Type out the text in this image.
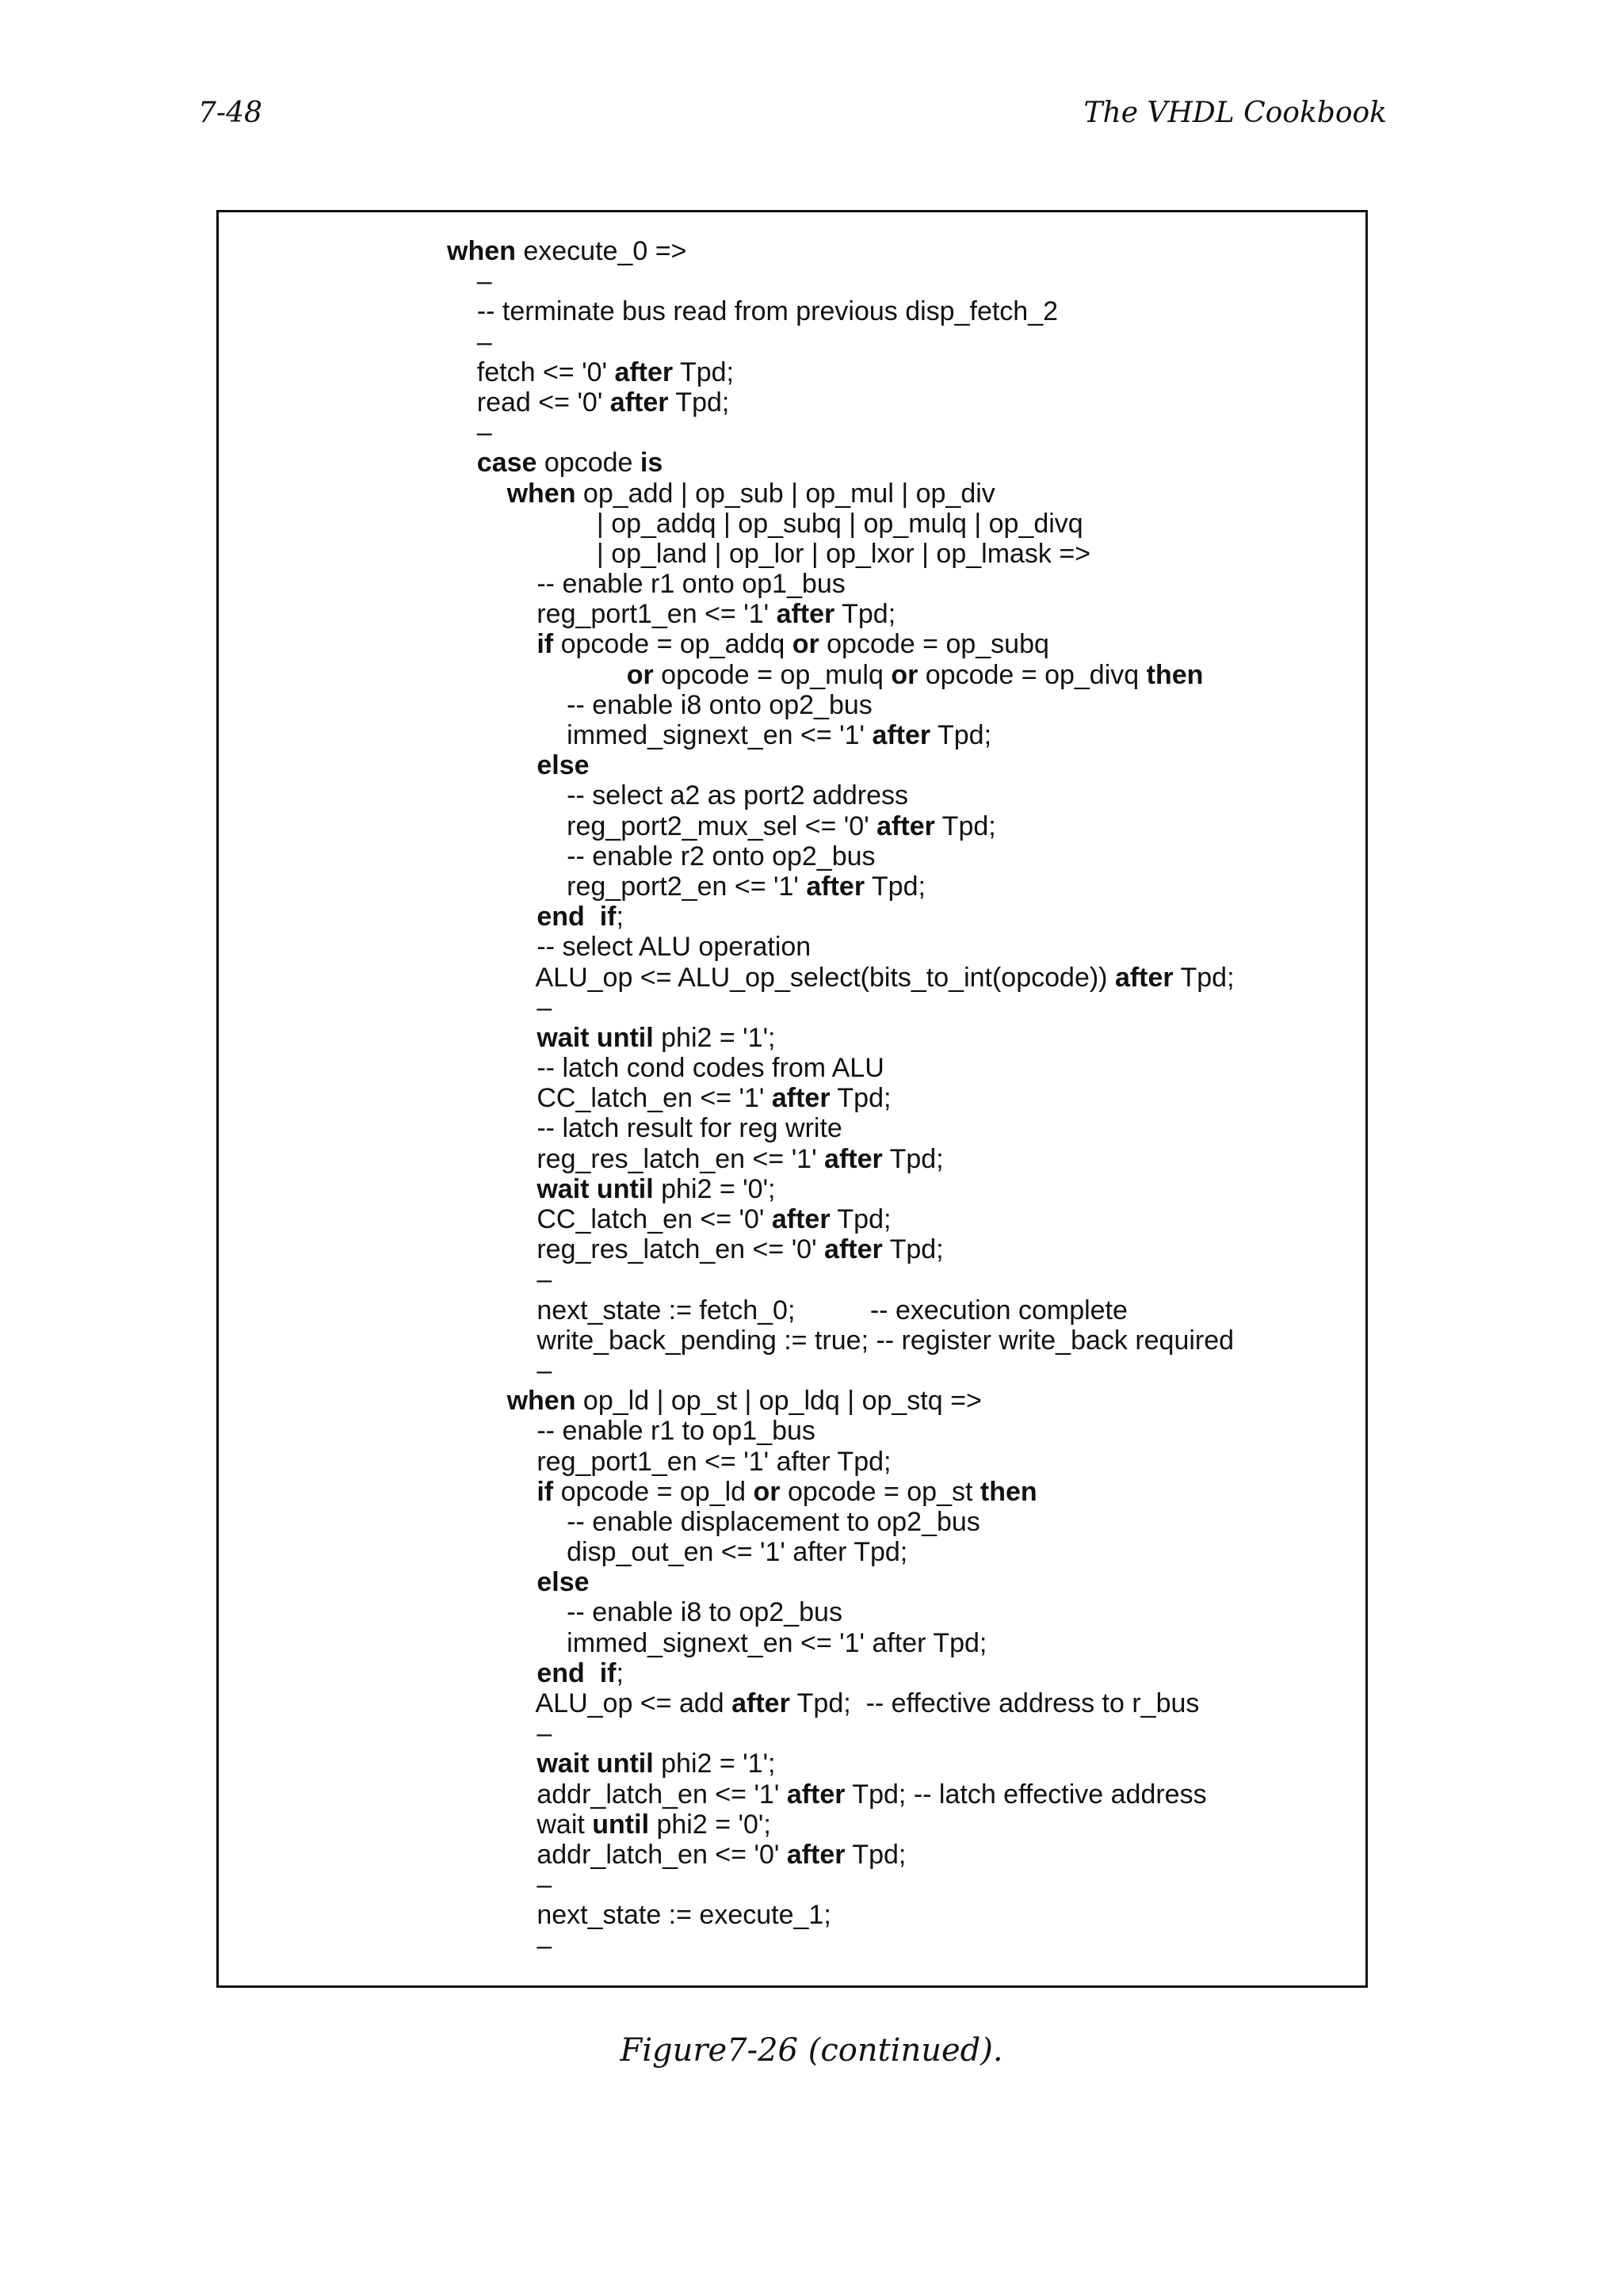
7-48	The VHDL Cookbook
when execute_0 =>
–
-- terminate bus read from previous disp_fetch_2
–
fetch <= '0' after Tpd;
read <= '0' after Tpd;
–
case opcode is
when op_add | op_sub | op_mul | op_div
| op_addq | op_subq | op_mulq | op_divq
| op_land | op_lor | op_lxor | op_lmask =>
-- enable r1 onto op1_bus
reg_port1_en <= '1' after Tpd;
if opcode = op_addq or opcode = op_subq
or opcode = op_mulq or opcode = op_divq then
-- enable i8 onto op2_bus
immed_signext_en <= '1' after Tpd;
else
-- select a2 as port2 address
reg_port2_mux_sel <= '0' after Tpd;
-- enable r2 onto op2_bus
reg_port2_en <= '1' after Tpd;
end  if;
-- select ALU operation
ALU_op <= ALU_op_select(bits_to_int(opcode)) after Tpd;
–
wait until phi2 = '1';
-- latch cond codes from ALU
CC_latch_en <= '1' after Tpd;
-- latch result for reg write
reg_res_latch_en <= '1' after Tpd;
wait until phi2 = '0';
CC_latch_en <= '0' after Tpd;
reg_res_latch_en <= '0' after Tpd;
–
next_state := fetch_0;          -- execution complete
write_back_pending := true; -- register write_back required
–
when op_ld | op_st | op_ldq | op_stq =>
-- enable r1 to op1_bus
reg_port1_en <= '1' after Tpd;
if opcode = op_ld or opcode = op_st then
-- enable displacement to op2_bus
disp_out_en <= '1' after Tpd;
else
-- enable i8 to op2_bus
immed_signext_en <= '1' after Tpd;
end  if;
ALU_op <= add after Tpd;  -- effective address to r_bus
–
wait until phi2 = '1';
addr_latch_en <= '1' after Tpd; -- latch effective address
wait until phi2 = '0';
addr_latch_en <= '0' after Tpd;
–
next_state := execute_1;
–
Figure7-26 (continued).
